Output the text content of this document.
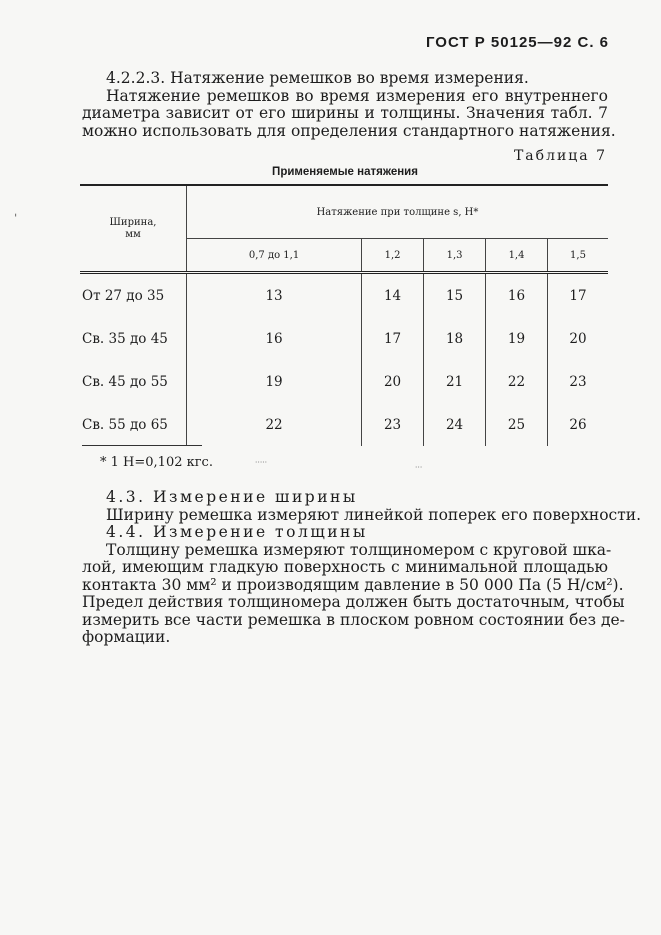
ГОСТ Р 50125—92 С. 6
4.2.2.3. Натяжение ремешков во время измерения.
Натяжение ремешков во время измерения его внутреннего
диаметра зависит от его ширины и толщины. Значения табл. 7
можно использовать для определения стандартного натяжения.
Таблица 7
Применяемые натяжения
Ширина,
мм	Натяжение при толщине s, Н*				
	0,7 до 1,1	1,2	1,3	1,4	1,5
От 27 до 35	13	14	15	16	17
Св. 35 до 45	16	17	18	19	20
Св. 45 до 55	19	20	21	22	23
Св. 55 до 65	22	23	24	25	26
* 1 Н=0,102 кгс.
4.3. Измерение ширины
Ширину ремешка измеряют линейкой поперек его поверхности.
4.4. Измерение толщины
Толщину ремешка измеряют толщиномером с круговой шка-
лой, имеющим гладкую поверхность с минимальной площадью
контакта 30 мм² и производящим давление в 50 000 Па (5 Н/см²).
Предел действия толщиномера должен быть достаточным, чтобы
измерить все части ремешка в плоском ровном состоянии без де-
формации.
⸱⸱⸱⸱⸱	⸱⸱⸱
ˈ
